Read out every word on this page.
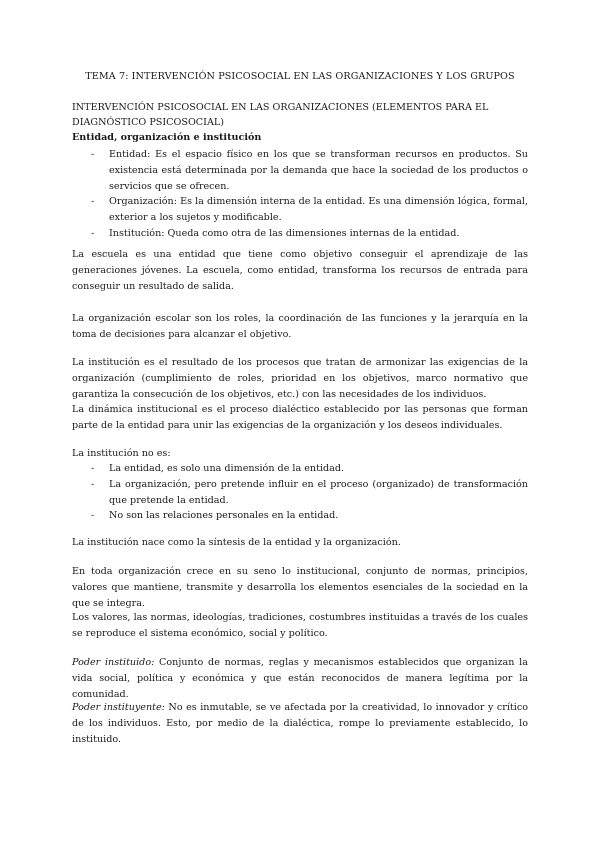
TEMA 7: INTERVENCIÓN PSICOSOCIAL EN LAS ORGANIZACIONES Y LOS GRUPOS
INTERVENCIÓN PSICOSOCIAL EN LAS ORGANIZACIONES (ELEMENTOS PARA EL DIAGNÓSTICO PSICOSOCIAL)
Entidad, organización e institución
- Entidad: Es el espacio físico en los que se transforman recursos en productos. Su existencia está determinada por la demanda que hace la sociedad de los productos o servicios que se ofrecen.
- Organización: Es la dimensión interna de la entidad. Es una dimensión lógica, formal, exterior a los sujetos y modificable.
- Institución: Queda como otra de las dimensiones internas de la entidad.

La escuela es una entidad que tiene como objetivo conseguir el aprendizaje de las generaciones jóvenes. La escuela, como entidad, transforma los recursos de entrada para conseguir un resultado de salida.

La organización escolar son los roles, la coordinación de las funciones y la jerarquía en la toma de decisiones para alcanzar el objetivo.

La institución es el resultado de los procesos que tratan de armonizar las exigencias de la organización (cumplimiento de roles, prioridad en los objetivos, marco normativo que garantiza la consecución de los objetivos, etc.) con las necesidades de los individuos.

La dinámica institucional es el proceso dialéctico establecido por las personas que forman parte de la entidad para unir las exigencias de la organización y los deseos individuales.

La institución no es:

- La entidad, es solo una dimensión de la entidad.
- La organización, pero pretende influir en el proceso (organizado) de transformación que pretende la entidad.
- No son las relaciones personales en la entidad.

La institución nace como la síntesis de la entidad y la organización.

En toda organización crece en su seno lo institucional, conjunto de normas, principios, valores que mantiene, transmite y desarrolla los elementos esenciales de la sociedad en la que se integra.

Los valores, las normas, ideologías, tradiciones, costumbres instituidas a través de los cuales se reproduce el sistema económico, social y político.

Poder instituido: Conjunto de normas, reglas y mecanismos establecidos que organizan la vida social, política y económica y que están reconocidos de manera legítima por la comunidad.

Poder instituyente: No es inmutable, se ve afectada por la creatividad, lo innovador y crítico de los individuos. Esto, por medio de la dialéctica, rompe lo previamente establecido, lo instituido.
